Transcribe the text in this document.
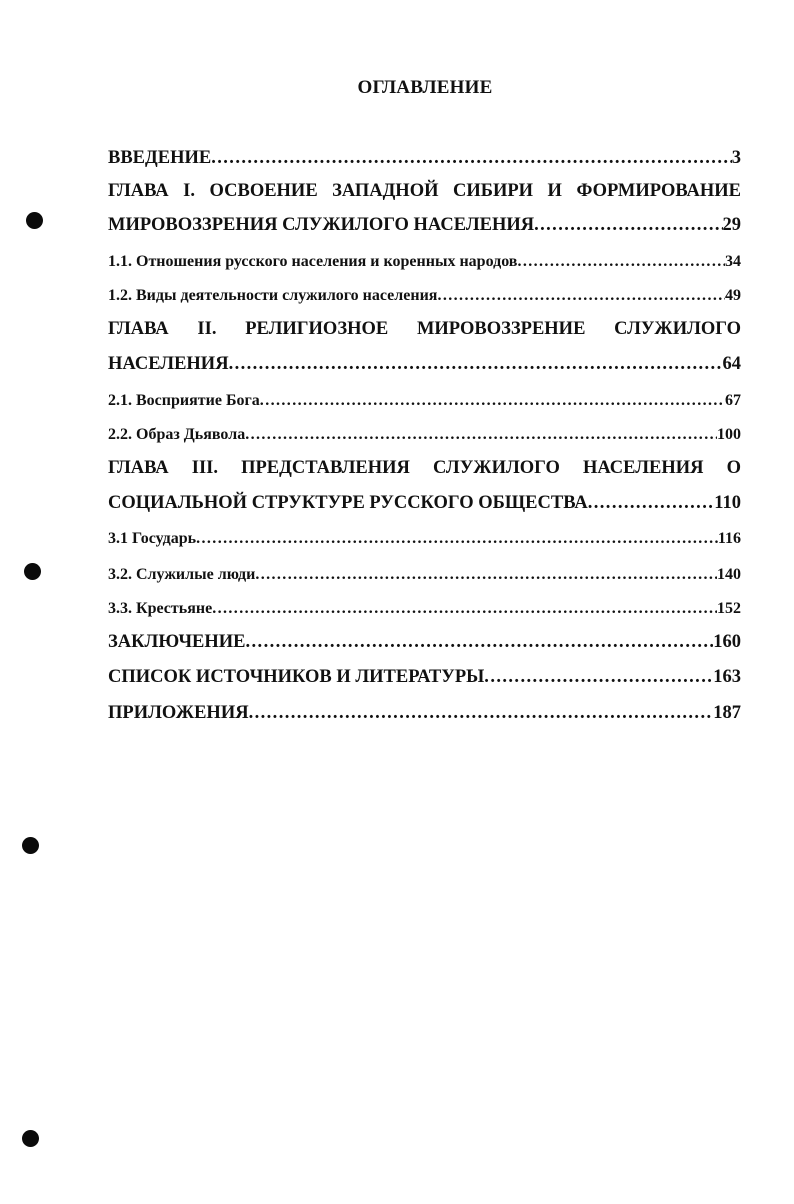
ОГЛАВЛЕНИЕ
ВВЕДЕНИЕ .....	3
ГЛАВА I. ОСВОЕНИЕ ЗАПАДНОЙ СИБИРИ И ФОРМИРОВАНИЕ
МИРОВОЗЗРЕНИЯ СЛУЖИЛОГО НАСЕЛЕНИЯ .....	29
1.1. Отношения русского населения и коренных народов .....	34
1.2. Виды деятельности служилого населения .....	49
ГЛАВА II. РЕЛИГИОЗНОЕ МИРОВОЗЗРЕНИЕ СЛУЖИЛОГО
НАСЕЛЕНИЯ .....	64
2.1. Восприятие Бога .....	67
2.2. Образ Дьявола .....	100
ГЛАВА III. ПРЕДСТАВЛЕНИЯ СЛУЖИЛОГО НАСЕЛЕНИЯ О
СОЦИАЛЬНОЙ СТРУКТУРЕ РУССКОГО ОБЩЕСТВА .....	110
3.1 Государь .....	116
3.2. Служилые люди .....	140
3.3. Крестьяне .....	152
ЗАКЛЮЧЕНИЕ .....	160
СПИСОК ИСТОЧНИКОВ И ЛИТЕРАТУРЫ .....	163
ПРИЛОЖЕНИЯ .....	187
